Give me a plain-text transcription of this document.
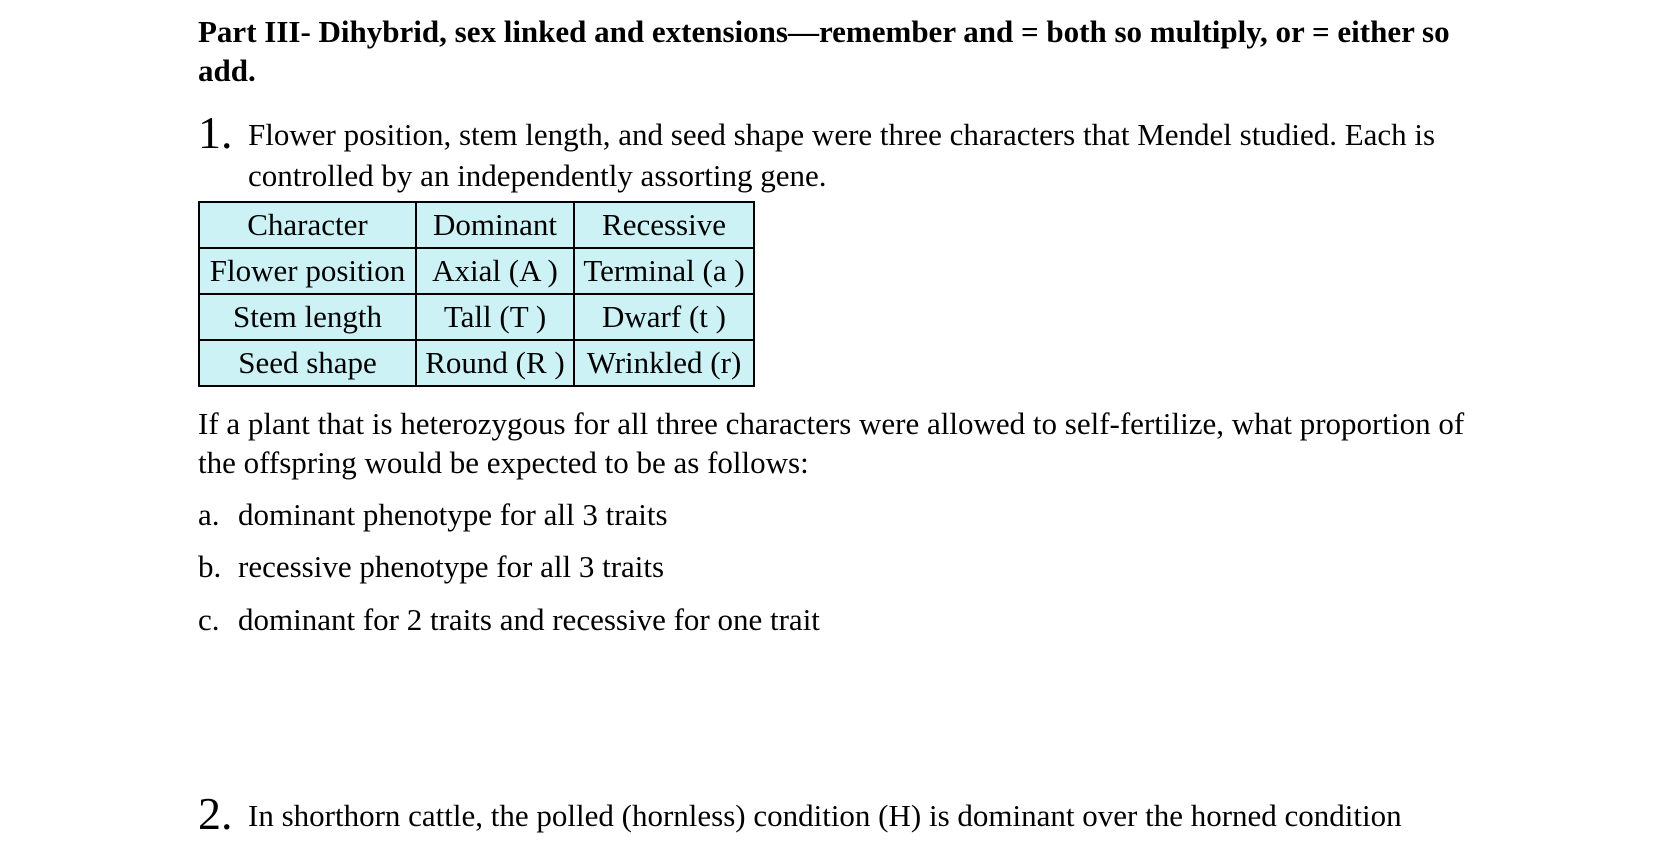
Part III- Dihybrid, sex linked and extensions—remember and = both so multiply, or = either so add.
1. Flower position, stem length, and seed shape were three characters that Mendel studied. Each is controlled by an independently assorting gene.
Character	Dominant	Recessive
Flower position	Axial (A )	Terminal (a )
Stem length	Tall (T )	Dwarf (t )
Seed shape	Round (R )	Wrinkled (r)
If a plant that is heterozygous for all three characters were allowed to self-fertilize, what proportion of the offspring would be expected to be as follows:
a. dominant phenotype for all 3 traits
b. recessive phenotype for all 3 traits
c. dominant for 2 traits and recessive for one trait
2. In shorthorn cattle, the polled (hornless) condition (H) is dominant over the horned condition
